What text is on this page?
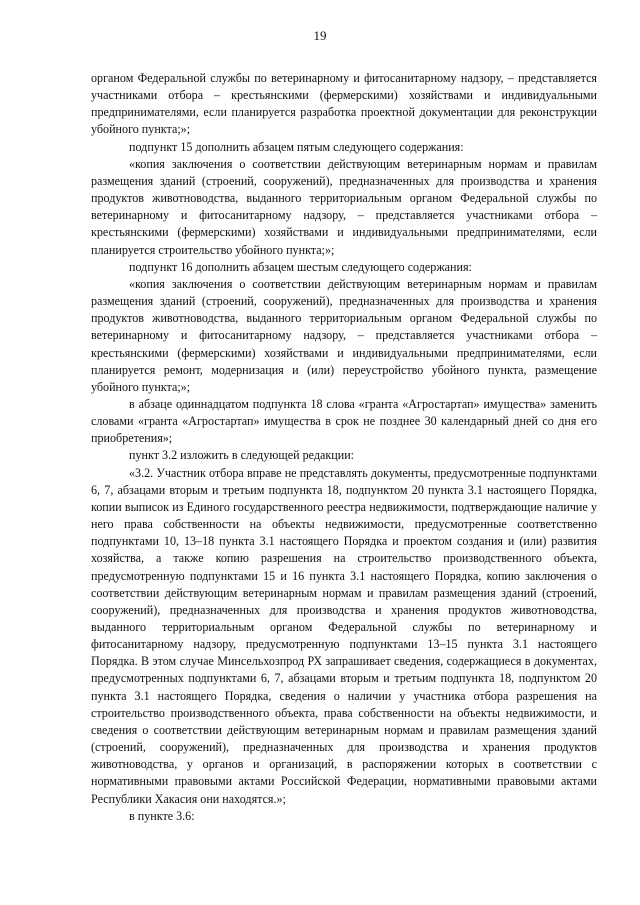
19

органом Федеральной службы по ветеринарному и фитосанитарному надзору, – представляется участниками отбора – крестьянскими (фермерскими) хозяйствами и индивидуальными предпринимателями, если планируется разработка проектной документации для реконструкции убойного пункта;»;

подпункт 15 дополнить абзацем пятым следующего содержания:

«копия заключения о соответствии действующим ветеринарным нормам и правилам размещения зданий (строений, сооружений), предназначенных для производства и хранения продуктов животноводства, выданного территориальным органом Федеральной службы по ветеринарному и фитосанитарному надзору, – представляется участниками отбора – крестьянскими (фермерскими) хозяйствами и индивидуальными предпринимателями, если планируется строительство убойного пункта;»;

подпункт 16 дополнить абзацем шестым следующего содержания:

«копия заключения о соответствии действующим ветеринарным нормам и правилам размещения зданий (строений, сооружений), предназначенных для производства и хранения продуктов животноводства, выданного территориальным органом Федеральной службы по ветеринарному и фитосанитарному надзору, – представляется участниками отбора – крестьянскими (фермерскими) хозяйствами и индивидуальными предпринимателями, если планируется ремонт, модернизация и (или) переустройство убойного пункта, размещение убойного пункта;»;

в абзаце одиннадцатом подпункта 18 слова «гранта «Агростартап» имущества» заменить словами «гранта «Агростартап» имущества в срок не позднее 30 календарный дней со дня его приобретения»;

пункт 3.2 изложить в следующей редакции:

«3.2. Участник отбора вправе не представлять документы, предусмотренные подпунктами 6, 7, абзацами вторым и третьим подпункта 18, подпунктом 20 пункта 3.1 настоящего Порядка, копии выписок из Единого государственного реестра недвижимости, подтверждающие наличие у него права собственности на объекты недвижимости, предусмотренные соответственно подпунктами 10, 13–18 пункта 3.1 настоящего Порядка и проектом создания и (или) развития хозяйства, а также копию разрешения на строительство производственного объекта, предусмотренную подпунктами 15 и 16 пункта 3.1 настоящего Порядка, копию заключения о соответствии действующим ветеринарным нормам и правилам размещения зданий (строений, сооружений), предназначенных для производства и хранения продуктов животноводства, выданного территориальным органом Федеральной службы по ветеринарному и фитосанитарному надзору, предусмотренную подпунктами 13–15 пункта 3.1 настоящего Порядка. В этом случае Минсельхозпрод РХ запрашивает сведения, содержащиеся в документах, предусмотренных подпунктами 6, 7, абзацами вторым и третьим подпункта 18, подпунктом 20 пункта 3.1 настоящего Порядка, сведения о наличии у участника отбора разрешения на строительство производственного объекта, права собственности на объекты недвижимости, и сведения о соответствии действующим ветеринарным нормам и правилам размещения зданий (строений, сооружений), предназначенных для производства и хранения продуктов животноводства, у органов и организаций, в распоряжении которых в соответствии с нормативными правовыми актами Российской Федерации, нормативными правовыми актами Республики Хакасия они находятся.»;

в пункте 3.6:
